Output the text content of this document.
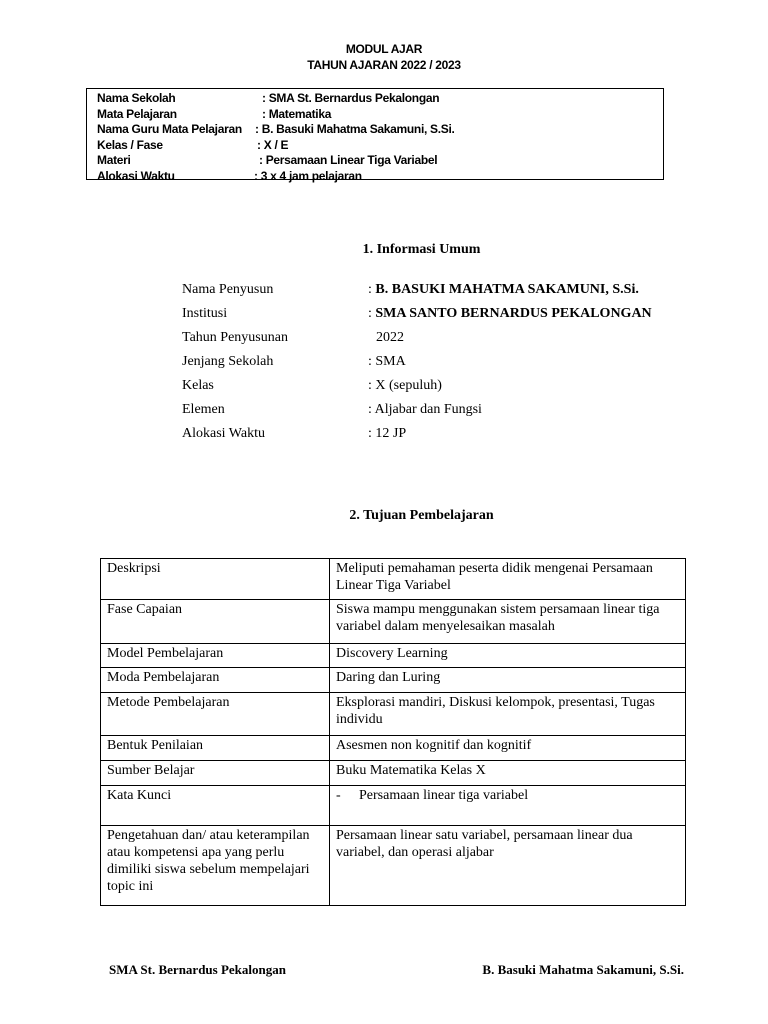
MODUL AJAR
TAHUN AJARAN 2022 / 2023
Nama Sekolah	: SMA St. Bernardus Pekalongan
Mata Pelajaran	: Matematika
Nama Guru Mata Pelajaran : B. Basuki Mahatma Sakamuni, S.Si.
Kelas / Fase	: X / E
Materi	: Persamaan Linear Tiga Variabel
Alokasi Waktu	: 3 x 4 jam pelajaran
1. Informasi Umum
Nama Penyusun	: B. BASUKI MAHATMA SAKAMUNI, S.Si.
Institusi	: SMA SANTO BERNARDUS PEKALONGAN
Tahun Penyusunan	2022
Jenjang Sekolah	: SMA
Kelas	: X (sepuluh)
Elemen	: Aljabar dan Fungsi
Alokasi Waktu	: 12 JP
2. Tujuan Pembelajaran
Deskripsi	Meliputi pemahaman peserta didik mengenai Persamaan Linear Tiga Variabel
Fase Capaian	Siswa mampu menggunakan sistem persamaan linear tiga variabel dalam menyelesaikan masalah
Model Pembelajaran	Discovery Learning
Moda Pembelajaran	Daring dan Luring
Metode Pembelajaran	Eksplorasi mandiri, Diskusi kelompok, presentasi, Tugas individu
Bentuk Penilaian	Asesmen non kognitif dan kognitif
Sumber Belajar	Buku Matematika Kelas X
Kata Kunci	- Persamaan linear tiga variabel
Pengetahuan dan/ atau keterampilan atau kompetensi apa yang perlu dimiliki siswa sebelum mempelajari topic ini	Persamaan linear satu variabel, persamaan linear dua variabel, dan operasi aljabar
SMA St. Bernardus Pekalongan	B. Basuki Mahatma Sakamuni, S.Si.
